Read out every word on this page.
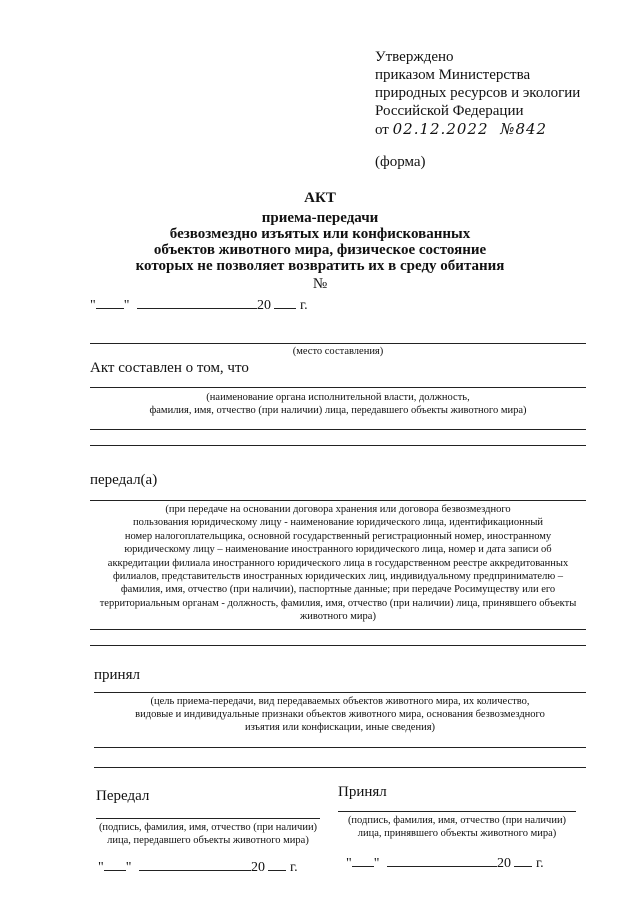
Утверждено
приказом Министерства
природных ресурсов и экологии
Российской Федерации
от 02.12.2022 №842
(форма)
АКТ
приема-передачи
безвозмездно изъятых или конфискованных
объектов животного мира, физическое состояние
которых не позволяет возвратить их в среду обитания
№
" "	20 г.
(место составления)
Акт составлен о том, что
(наименование органа исполнительной власти, должность,
фамилия, имя, отчество (при наличии) лица, передавшего объекты животного мира)
передал(а)
(при передаче на основании договора хранения или договора безвозмездного
пользования юридическому лицу - наименование юридического лица, идентификационный
номер налогоплательщика, основной государственный регистрационный номер, иностранному
юридическому лицу – наименование иностранного юридического лица, номер и дата записи об
аккредитации филиала иностранного юридического лица в государственном реестре аккредитованных
филиалов, представительств иностранных юридических лиц, индивидуальному предпринимателю –
фамилия, имя, отчество (при наличии), паспортные данные; при передаче Росимуществу или его
территориальным органам - должность, фамилия, имя, отчество (при наличии) лица, принявшего объекты
животного мира)
принял
(цель приема-передачи, вид передаваемых объектов животного мира, их количество,
видовые и индивидуальные признаки объектов животного мира, основания безвозмездного
изъятия или конфискации, иные сведения)
Передал	Принял
(подпись, фамилия, имя, отчество (при наличии)
лица, передавшего объекты животного мира)
(подпись, фамилия, имя, отчество (при наличии)
лица, принявшего объекты животного мира)
" "	20 г.	" "	20 г.
